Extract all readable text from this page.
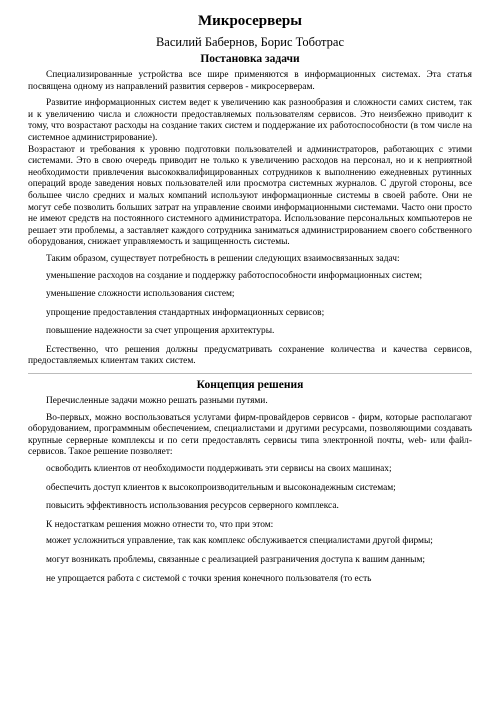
Микросерверы
Василий Бабернов, Борис Тоботрас
Постановка задачи

Специализированные устройства все шире применяются в информационных системах. Эта статья посвящена одному из направлений развития серверов - микросерверам.

Развитие информационных систем ведет к увеличению как разнообразия и сложности самих систем, так и к увеличению числа и сложности предоставляемых пользователям сервисов. Это неизбежно приводит к тому, что возрастают расходы на создание таких систем и поддержание их работоспособности (в том числе на системное администрирование).

Возрастают и требования к уровню подготовки пользователей и администраторов, работающих с этими системами. Это в свою очередь приводит не только к увеличению расходов на персонал, но и к неприятной необходимости привлечения высококвалифицированных сотрудников к выполнению ежедневных рутинных операций вроде заведения новых пользователей или просмотра системных журналов. С другой стороны, все большее число средних и малых компаний используют информационные системы в своей работе. Они не могут себе позволить больших затрат на управление своими информационными системами. Часто они просто не имеют средств на постоянного системного администратора. Использование персональных компьютеров не решает эти проблемы, а заставляет каждого сотрудника заниматься администрированием своего собственного оборудования, снижает управляемость и защищенность системы.

Таким образом, существует потребность в решении следующих взаимосвязанных задач:

уменьшение расходов на создание и поддержку работоспособности информационных систем;

уменьшение сложности использования систем;

упрощение предоставления стандартных информационных сервисов;

повышение надежности за счет упрощения архитектуры.

Естественно, что решения должны предусматривать сохранение количества и качества сервисов, предоставляемых клиентам таких систем.

Концепция решения

Перечисленные задачи можно решать разными путями.

Во-первых, можно воспользоваться услугами фирм-провайдеров сервисов - фирм, которые располагают оборудованием, программным обеспечением, специалистами и другими ресурсами, позволяющими создавать крупные серверные комплексы и по сети предоставлять сервисы типа электронной почты, web- или файл-сервисов. Такое решение позволяет:

освободить клиентов от необходимости поддерживать эти сервисы на своих машинах;

обеспечить доступ клиентов к высокопроизводительным и высоконадежным системам;

повысить эффективность использования ресурсов серверного комплекса.

К недостаткам решения можно отнести то, что при этом:

может усложниться управление, так как комплекс обслуживается специалистами другой фирмы;

могут возникать проблемы, связанные с реализацией разграничения доступа к вашим данным;

не упрощается работа с системой с точки зрения конечного пользователя (то есть
